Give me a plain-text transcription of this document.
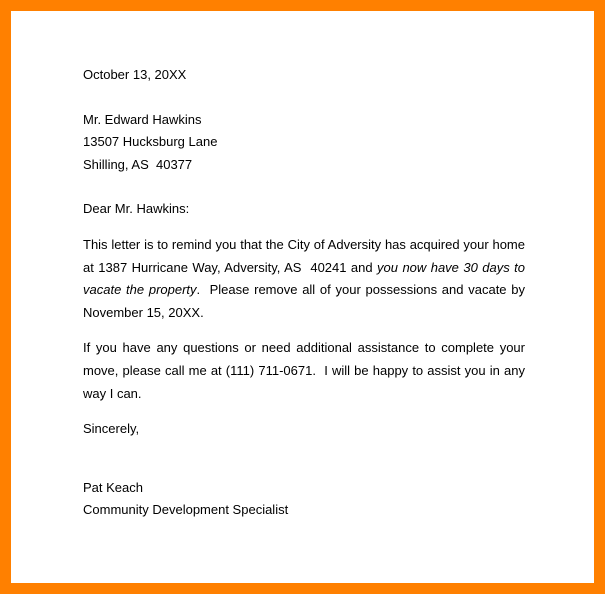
October 13, 20XX

Mr. Edward Hawkins

13507 Hucksburg Lane

Shilling, AS  40377

Dear Mr. Hawkins:

This letter is to remind you that the City of Adversity has acquired your home at 1387 Hurricane Way, Adversity, AS  40241 and you now have 30 days to vacate the property.  Please remove all of your possessions and vacate by November 15, 20XX.

If you have any questions or need additional assistance to complete your move, please call me at (111) 711-0671.  I will be happy to assist you in any way I can.

Sincerely,

Pat Keach

Community Development Specialist
